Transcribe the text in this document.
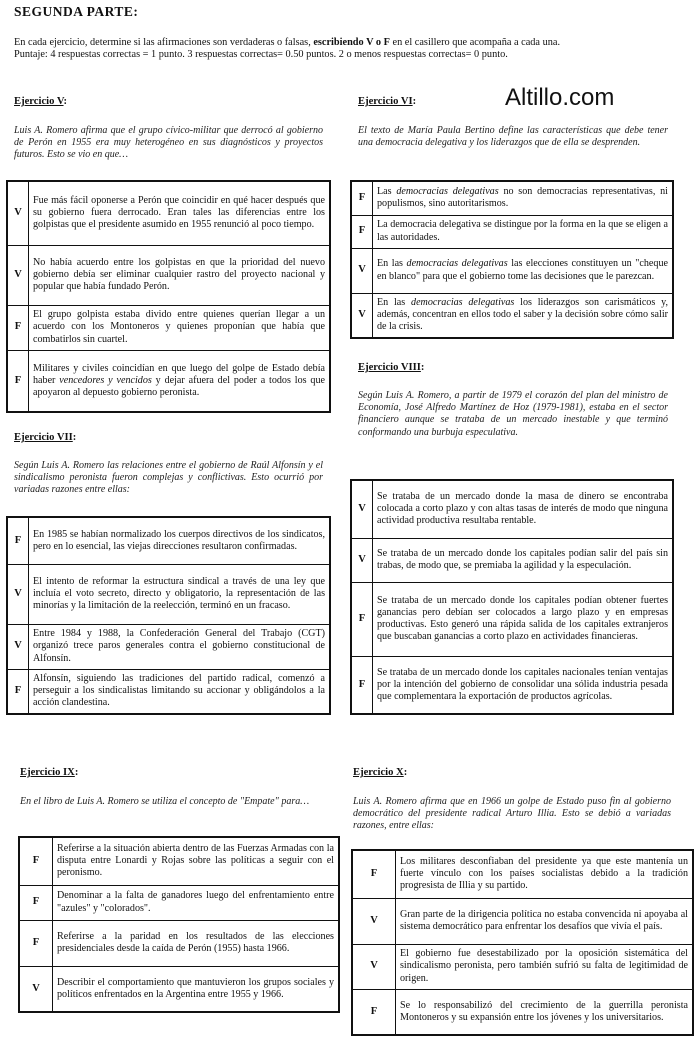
SEGUNDA PARTE:
En cada ejercicio, determine si las afirmaciones son verdaderas o falsas, escribiendo V o F en el casillero que acompaña a cada una.
Puntaje: 4 respuestas correctas = 1 punto. 3 respuestas correctas= 0.50 puntos. 2 o menos respuestas correctas= 0 punto.
Altillo.com
Ejercicio V:
Luis A. Romero afirma que el grupo cívico-militar que derrocó al gobierno de Perón en 1955 era muy heterogéneo en sus diagnósticos y proyectos futuros. Esto se vio en que…
V	Fue más fácil oponerse a Perón que coincidir en qué hacer después que su gobierno fuera derrocado. Eran tales las diferencias entre los golpistas que el presidente asumido en 1955 renunció al poco tiempo.
V	No había acuerdo entre los golpistas en que la prioridad del nuevo gobierno debía ser eliminar cualquier rastro del proyecto nacional y popular que había fundado Perón.
F	El grupo golpista estaba divido entre quienes querían llegar a un acuerdo con los Montoneros y quienes proponían que había que combatirlos sin cuartel.
F	Militares y civiles coincidían en que luego del golpe de Estado debía haber vencedores y vencidos y dejar afuera del poder a todos los que apoyaron al depuesto gobierno peronista.
Ejercicio VI:
El texto de María Paula Bertino define las características que debe tener una democracia delegativa y los liderazgos que de ella se desprenden.
F	Las democracias delegativas no son democracias representativas, ni populismos, sino autoritarismos.
F	La democracia delegativa se distingue por la forma en la que se eligen a las autoridades.
V	En las democracias delegativas las elecciones constituyen un "cheque en blanco" para que el gobierno tome las decisiones que le parezcan.
V	En las democracias delegativas los liderazgos son carismáticos y, además, concentran en ellos todo el saber y la decisión sobre cómo salir de la crisis.
Ejercicio VII:
Según Luis A. Romero las relaciones entre el gobierno de Raúl Alfonsín y el sindicalismo peronista fueron complejas y conflictivas. Esto ocurrió por variadas razones entre ellas:
F	En 1985 se habían normalizado los cuerpos directivos de los sindicatos, pero en lo esencial, las viejas direcciones resultaron confirmadas.
V	El intento de reformar la estructura sindical a través de una ley que incluía el voto secreto, directo y obligatorio, la representación de las minorías y la limitación de la reelección, terminó en un fracaso.
V	Entre 1984 y 1988, la Confederación General del Trabajo (CGT) organizó trece paros generales contra el gobierno constitucional de Alfonsín.
F	Alfonsín, siguiendo las tradiciones del partido radical, comenzó a perseguir a los sindicalistas limitando su accionar y obligándolos a la acción clandestina.
Ejercicio VIII:
Según Luis A. Romero, a partir de 1979 el corazón del plan del ministro de Economía, José Alfredo Martínez de Hoz (1979-1981), estaba en el sector financiero aunque se trataba de un mercado inestable y que terminó conformando una burbuja especulativa.
V	Se trataba de un mercado donde la masa de dinero se encontraba colocada a corto plazo y con altas tasas de interés de modo que ninguna actividad productiva resultaba rentable.
V	Se trataba de un mercado donde los capitales podían salir del país sin trabas, de modo que, se premiaba la agilidad y la especulación.
F	Se trataba de un mercado donde los capitales podían obtener fuertes ganancias pero debían ser colocados a largo plazo y en empresas productivas. Esto generó una rápida salida de los capitales extranjeros que buscaban ganancias a corto plazo en actividades financieras.
F	Se trataba de un mercado donde los capitales nacionales tenían ventajas por la intención del gobierno de consolidar una sólida industria pesada que complementara la exportación de productos agrícolas.
Ejercicio IX:
En el libro de Luis A. Romero se utiliza el concepto de "Empate" para…
F	Referirse a la situación abierta dentro de las Fuerzas Armadas con la disputa entre Lonardi y Rojas sobre las políticas a seguir con el peronismo.
F	Denominar a la falta de ganadores luego del enfrentamiento entre "azules" y "colorados".
F	Referirse a la paridad en los resultados de las elecciones presidenciales desde la caída de Perón (1955) hasta 1966.
V	Describir el comportamiento que mantuvieron los grupos sociales y políticos enfrentados en la Argentina entre 1955 y 1966.
Ejercicio X:
Luis A. Romero afirma que en 1966 un golpe de Estado puso fin al gobierno democrático del presidente radical Arturo Illia. Esto se debió a variadas razones, entre ellas:
F	Los militares desconfiaban del presidente ya que este mantenía un fuerte vínculo con los países socialistas debido a la tradición progresista de Illia y su partido.
V	Gran parte de la dirigencia política no estaba convencida ni apoyaba al sistema democrático para enfrentar los desafíos que vivía el país.
V	El gobierno fue desestabilizado por la oposición sistemática del sindicalismo peronista, pero también sufrió su falta de legitimidad de origen.
F	Se lo responsabilizó del crecimiento de la guerrilla peronista Montoneros y su expansión entre los jóvenes y los universitarios.
